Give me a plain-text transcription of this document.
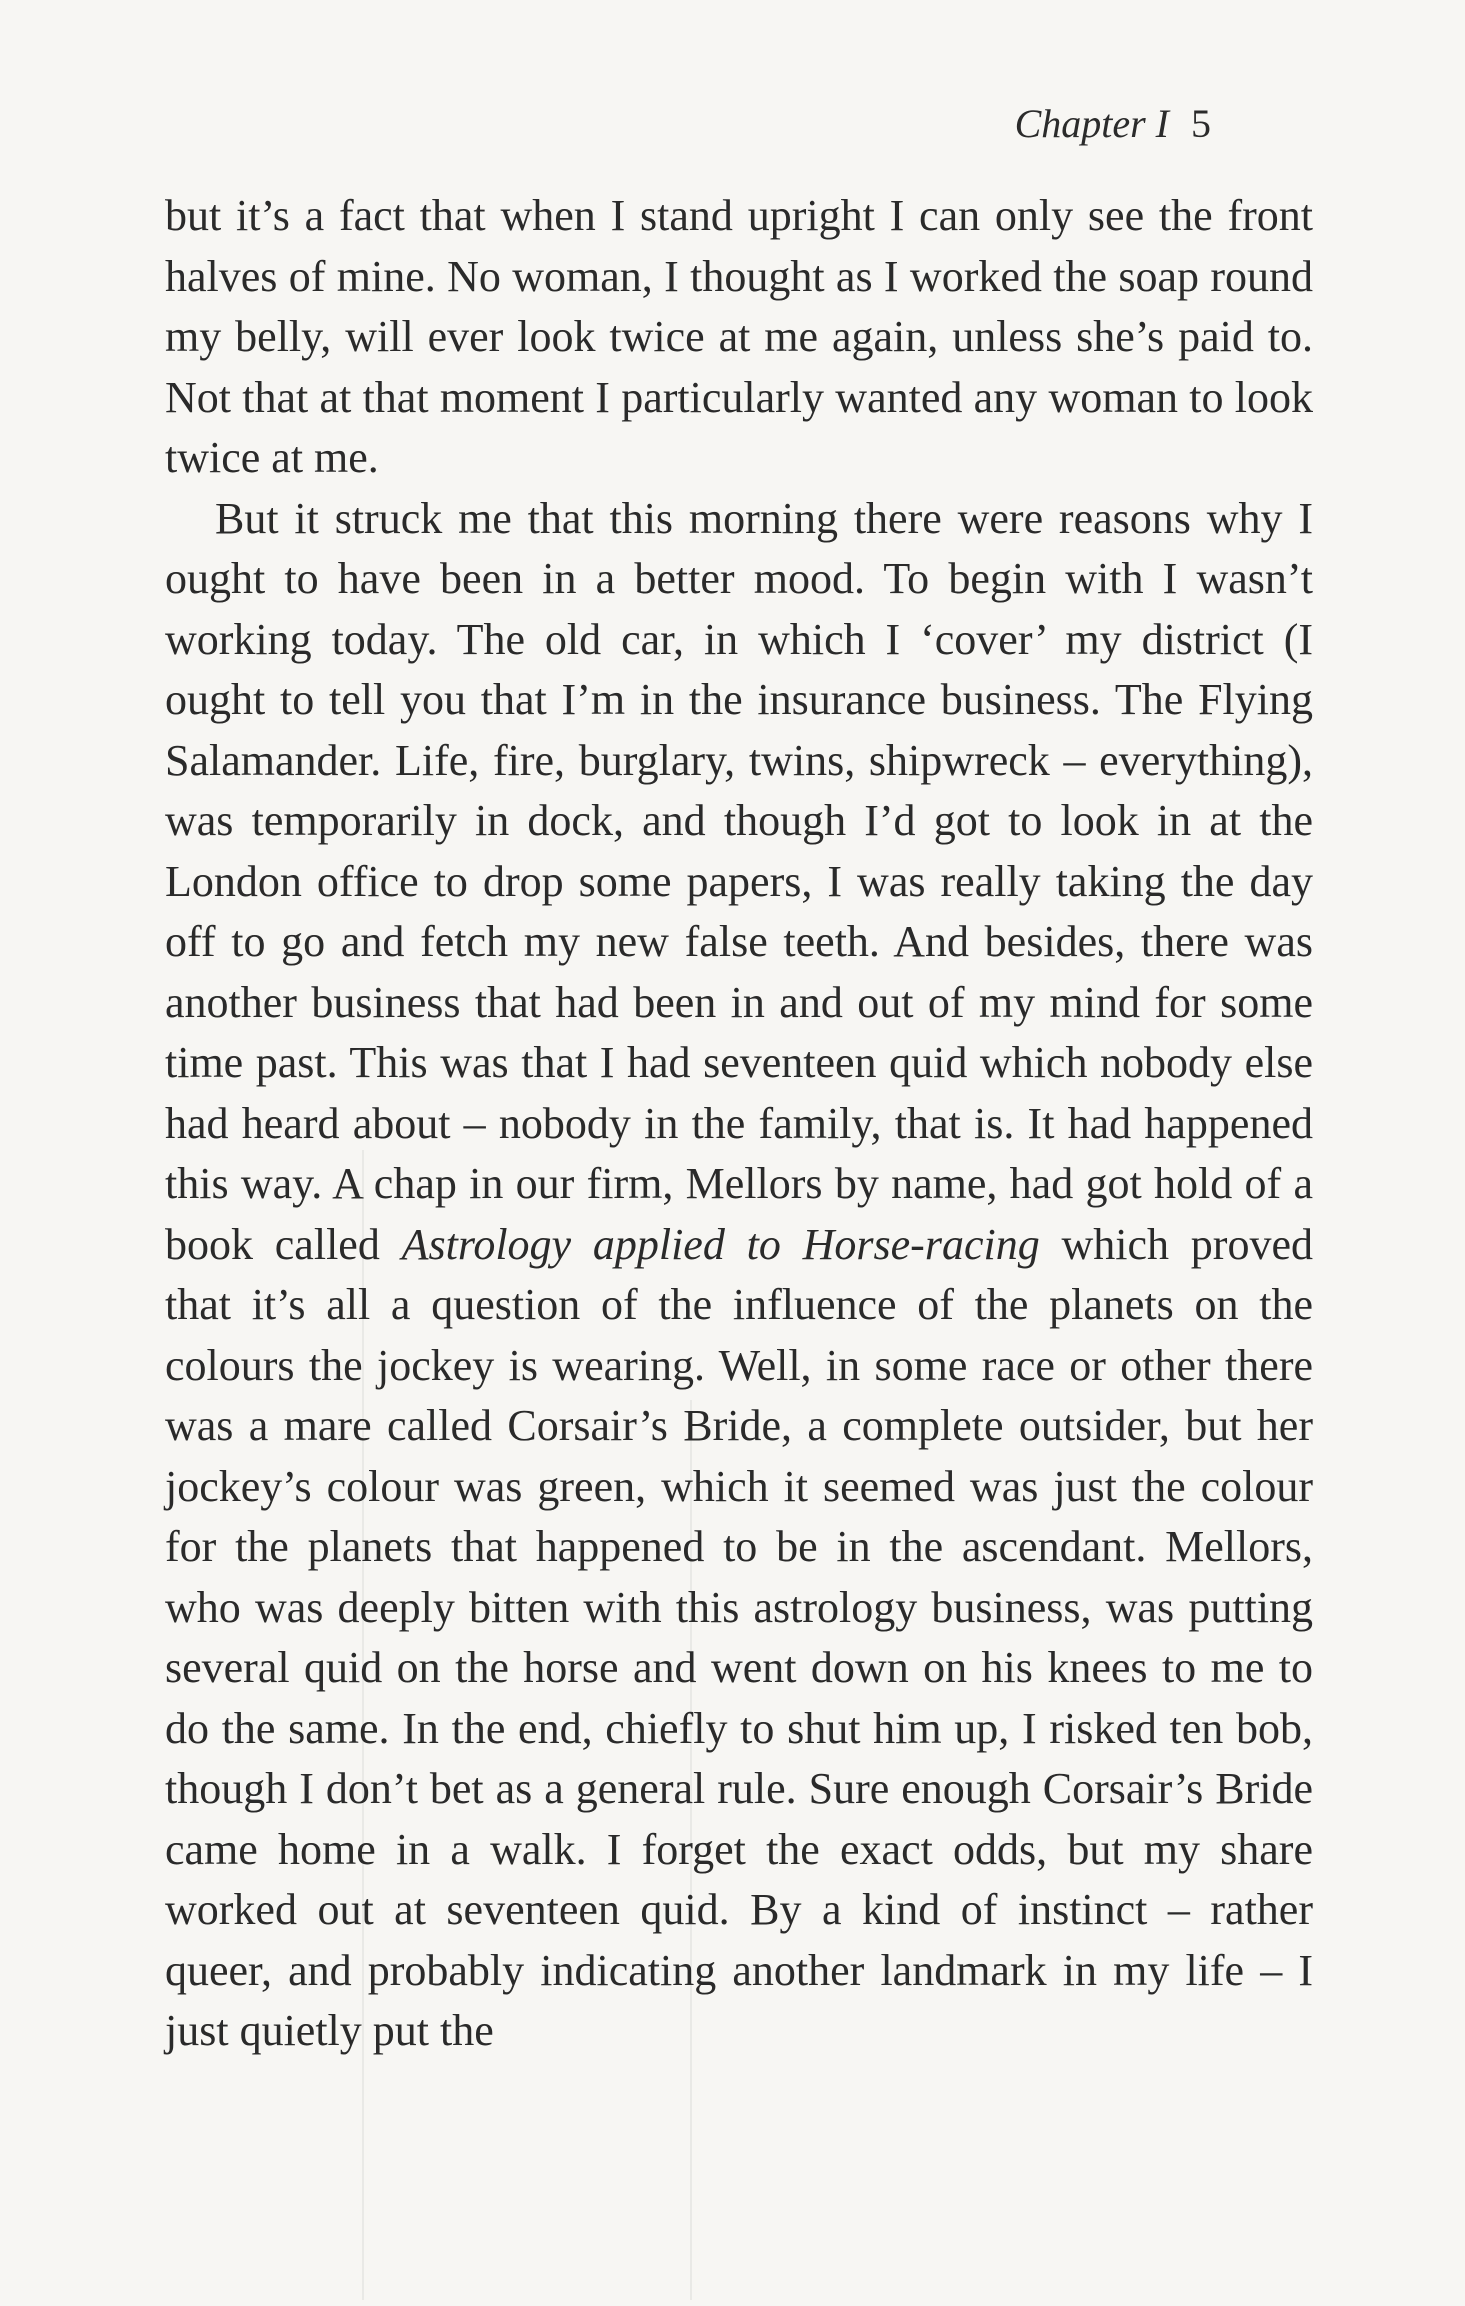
Chapter I 5

but it’s a fact that when I stand upright I can only see the front halves of mine. No woman, I thought as I worked the soap round my belly, will ever look twice at me again, unless she’s paid to. Not that at that moment I particularly wanted any woman to look twice at me.

But it struck me that this morning there were reasons why I ought to have been in a better mood. To begin with I wasn’t working today. The old car, in which I ‘cover’ my district (I ought to tell you that I’m in the insurance business. The Flying Salamander. Life, fire, burglary, twins, shipwreck – everything), was temporarily in dock, and though I’d got to look in at the London office to drop some papers, I was really taking the day off to go and fetch my new false teeth. And besides, there was another business that had been in and out of my mind for some time past. This was that I had seventeen quid which nobody else had heard about – nobody in the family, that is. It had happened this way. A chap in our firm, Mellors by name, had got hold of a book called Astrology applied to Horse-racing which proved that it’s all a question of the influence of the planets on the colours the jockey is wearing. Well, in some race or other there was a mare called Corsair’s Bride, a complete outsider, but her jockey’s colour was green, which it seemed was just the colour for the planets that happened to be in the ascendant. Mellors, who was deeply bitten with this astrology business, was putting several quid on the horse and went down on his knees to me to do the same. In the end, chiefly to shut him up, I risked ten bob, though I don’t bet as a general rule. Sure enough Corsair’s Bride came home in a walk. I forget the exact odds, but my share worked out at seventeen quid. By a kind of instinct – rather queer, and probably indicating another landmark in my life – I just quietly put the
